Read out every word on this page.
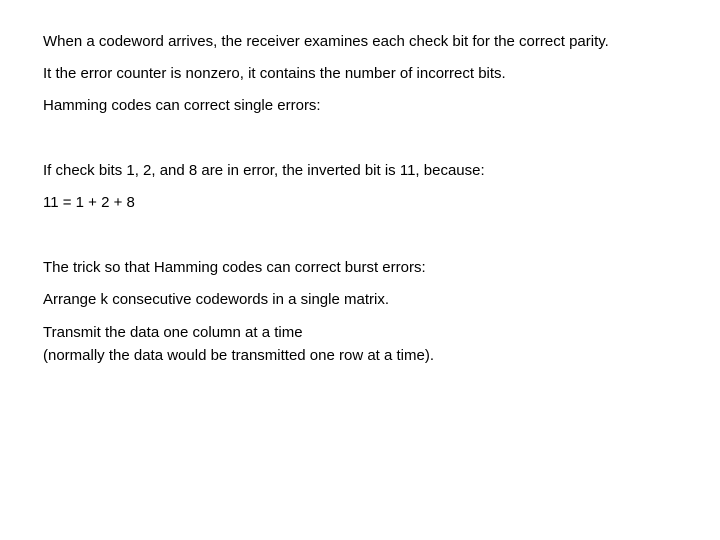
When a codeword arrives, the receiver examines each check bit for the correct parity.

It the error counter is nonzero, it contains the number of incorrect bits.

Hamming codes can correct single errors:

If check bits 1, 2, and 8 are in error, the inverted bit is 11, because:

11 = 1 + 2 + 8

The trick so that Hamming codes can correct burst errors:

Arrange k consecutive codewords in a single matrix.

Transmit the data one column at a time

(normally the data would be transmitted one row at a time).
